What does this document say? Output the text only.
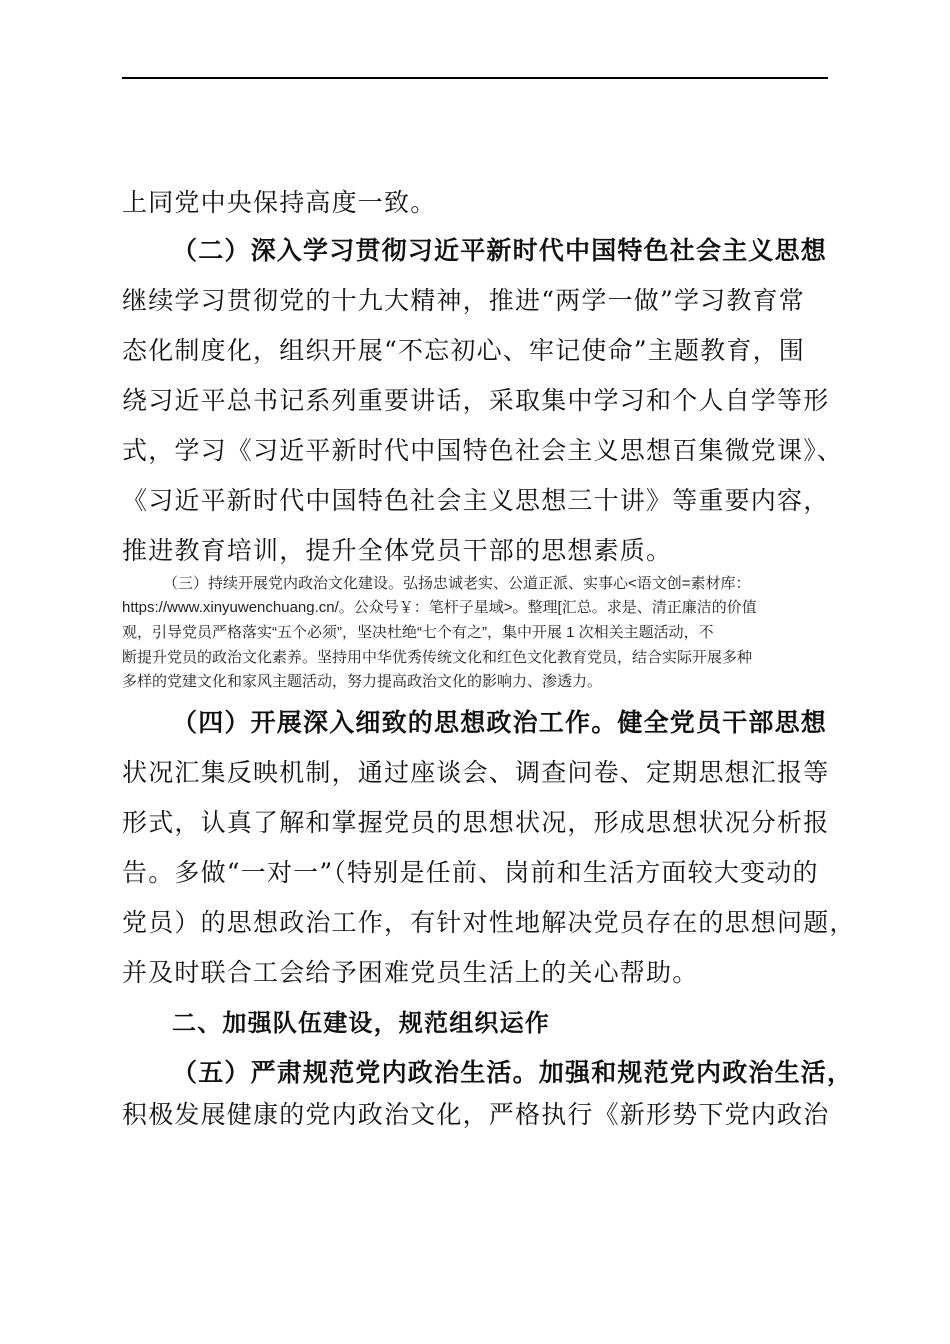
上同党中央保持高度一致。
（二）深入学习贯彻习近平新时代中国特色社会主义思想
继续学习贯彻党的十九大精神，推进“两学一做”学习教育常
态化制度化，组织开展“不忘初心、牢记使命”主题教育，围
绕习近平总书记系列重要讲话，采取集中学习和个人自学等形
式，学习《习近平新时代中国特色社会主义思想百集微党课》、
《习近平新时代中国特色社会主义思想三十讲》等重要内容，
推进教育培训，提升全体党员干部的思想素质。
（三）持续开展党内政治文化建设。弘扬忠诚老实、公道正派、实事心<语文创=素材库：
https://www.xinyuwenchuang.cn/。公众号￥：笔杆子星域>。整理[汇总。求是、清正廉洁的价值
观，引导党员严格落实“五个必须”，坚决杜绝“七个有之”，集中开展 1 次相关主题活动，不
断提升党员的政治文化素养。坚持用中华优秀传统文化和红色文化教育党员，结合实际开展多种
多样的党建文化和家风主题活动，努力提高政治文化的影响力、渗透力。
（四）开展深入细致的思想政治工作。健全党员干部思想
状况汇集反映机制，通过座谈会、调查问卷、定期思想汇报等
形式，认真了解和掌握党员的思想状况，形成思想状况分析报
告。多做“一对一”（特别是任前、岗前和生活方面较大变动的
党员）的思想政治工作，有针对性地解决党员存在的思想问题，
并及时联合工会给予困难党员生活上的关心帮助。
二、加强队伍建设，规范组织运作
（五）严肃规范党内政治生活。加强和规范党内政治生活，
积极发展健康的党内政治文化，严格执行《新形势下党内政治
